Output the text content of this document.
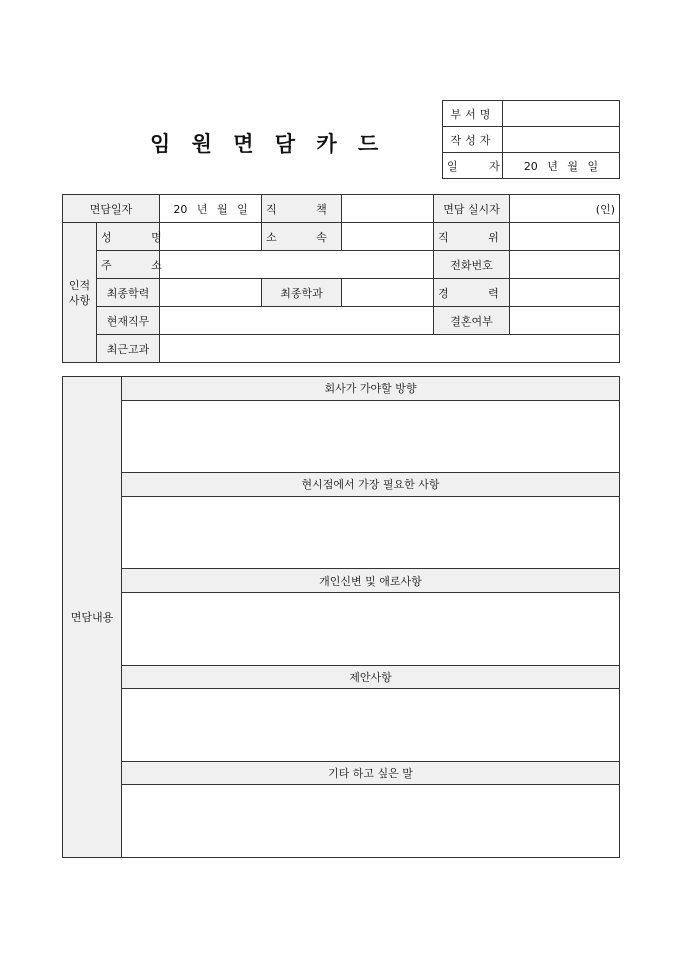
임 원 면 담 카 드
부서명	
작성자	
일 자	20 년 월 일
면담일자		20 년 월 일	직 책		면담 실시자	(인)
인적
사항	성 명		소 속		직 위	
	주 소				전화번호	
	최종학력		최종학과		경 력	
	현재직무				결혼여부	
	최근고과					
면담내용	회사가 가야할 방향

현시점에서 가장 필요한 사항

개인신변 및 애로사항

제안사항

기타 하고 싶은 말
